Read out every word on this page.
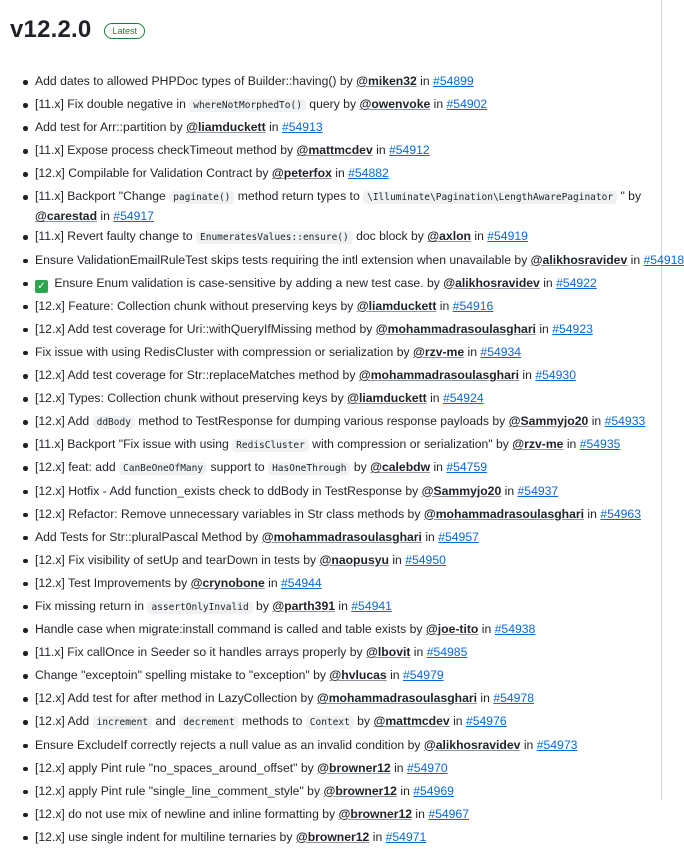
v12.2.0	Latest
Add dates to allowed PHPDoc types of Builder::having() by @miken32 in #54899
[11.x] Fix double negative in whereNotMorphedTo() query by @owenvoke in #54902
Add test for Arr::partition by @liamduckett in #54913
[11.x] Expose process checkTimeout method by @mattmcdev in #54912
[12.x] Compilable for Validation Contract by @peterfox in #54882
[11.x] Backport "Change paginate() method return types to \Illuminate\Pagination\LengthAwarePaginator " by @carestad in #54917
[11.x] Revert faulty change to EnumeratesValues::ensure() doc block by @axlon in #54919
Ensure ValidationEmailRuleTest skips tests requiring the intl extension when unavailable by @alikhosravidev in #54918
✓ Ensure Enum validation is case-sensitive by adding a new test case. by @alikhosravidev in #54922
[12.x] Feature: Collection chunk without preserving keys by @liamduckett in #54916
[12.x] Add test coverage for Uri::withQueryIfMissing method by @mohammadrasoulasghari in #54923
Fix issue with using RedisCluster with compression or serialization by @rzv-me in #54934
[12.x] Add test coverage for Str::replaceMatches method by @mohammadrasoulasghari in #54930
[12.x] Types: Collection chunk without preserving keys by @liamduckett in #54924
[12.x] Add ddBody method to TestResponse for dumping various response payloads by @Sammyjo20 in #54933
[11.x] Backport "Fix issue with using RedisCluster with compression or serialization" by @rzv-me in #54935
[12.x] feat: add CanBeOneOfMany support to HasOneThrough by @calebdw in #54759
[12.x] Hotfix - Add function_exists check to ddBody in TestResponse by @Sammyjo20 in #54937
[12.x] Refactor: Remove unnecessary variables in Str class methods by @mohammadrasoulasghari in #54963
Add Tests for Str::pluralPascal Method by @mohammadrasoulasghari in #54957
[12.x] Fix visibility of setUp and tearDown in tests by @naopusyu in #54950
[12.x] Test Improvements by @crynobone in #54944
Fix missing return in assertOnlyInvalid by @parth391 in #54941
Handle case when migrate:install command is called and table exists by @joe-tito in #54938
[11.x] Fix callOnce in Seeder so it handles arrays properly by @lbovit in #54985
Change "exceptoin" spelling mistake to "exception" by @hvlucas in #54979
[12.x] Add test for after method in LazyCollection by @mohammadrasoulasghari in #54978
[12.x] Add increment and decrement methods to Context by @mattmcdev in #54976
Ensure ExcludeIf correctly rejects a null value as an invalid condition by @alikhosravidev in #54973
[12.x] apply Pint rule "no_spaces_around_offset" by @browner12 in #54970
[12.x] apply Pint rule "single_line_comment_style" by @browner12 in #54969
[12.x] do not use mix of newline and inline formatting by @browner12 in #54967
[12.x] use single indent for multiline ternaries by @browner12 in #54971
